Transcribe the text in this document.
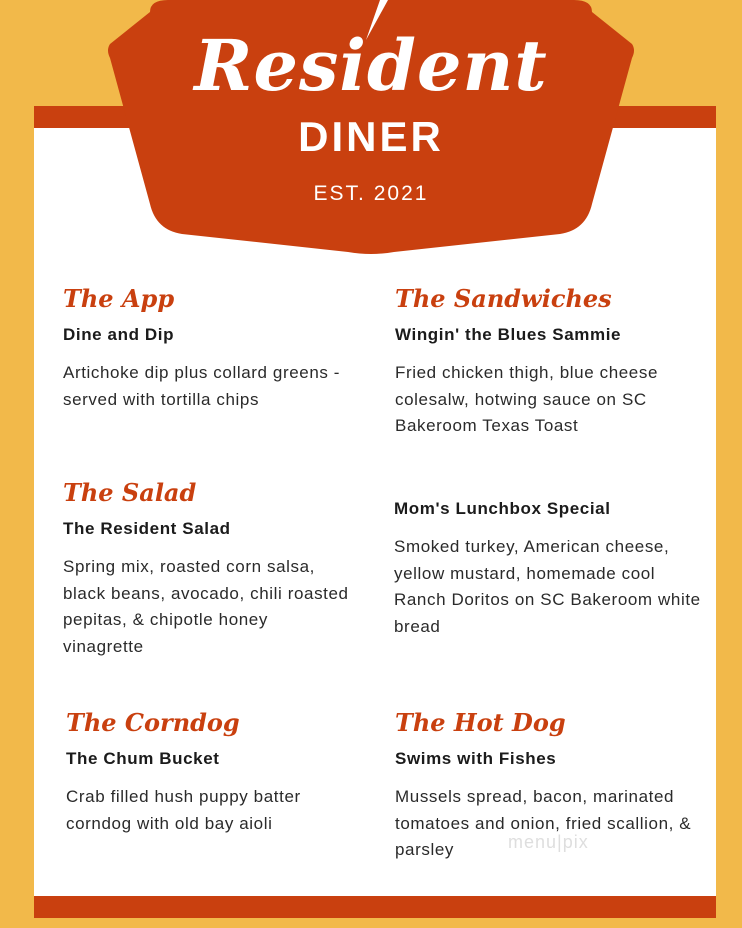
Resident
DINER
EST. 2021
The App
Dine and Dip

Artichoke dip plus collard greens - served with tortilla chips

The Salad
The Resident Salad

Spring mix, roasted corn salsa, black beans, avocado, chili roasted pepitas, & chipotle honey vinagrette

The Corndog
The Chum Bucket

Crab filled hush puppy batter corndog with old bay aioli

The Sandwiches
Wingin' the Blues Sammie

Fried chicken thigh, blue cheese colesalw, hotwing sauce on SC Bakeroom Texas Toast

Mom's Lunchbox Special

Smoked turkey, American cheese, yellow mustard, homemade cool Ranch Doritos on SC Bakeroom white bread

The Hot Dog
Swims with Fishes

Mussels spread, bacon, marinated tomatoes and onion, fried scallion, & parsley	menu|pix
